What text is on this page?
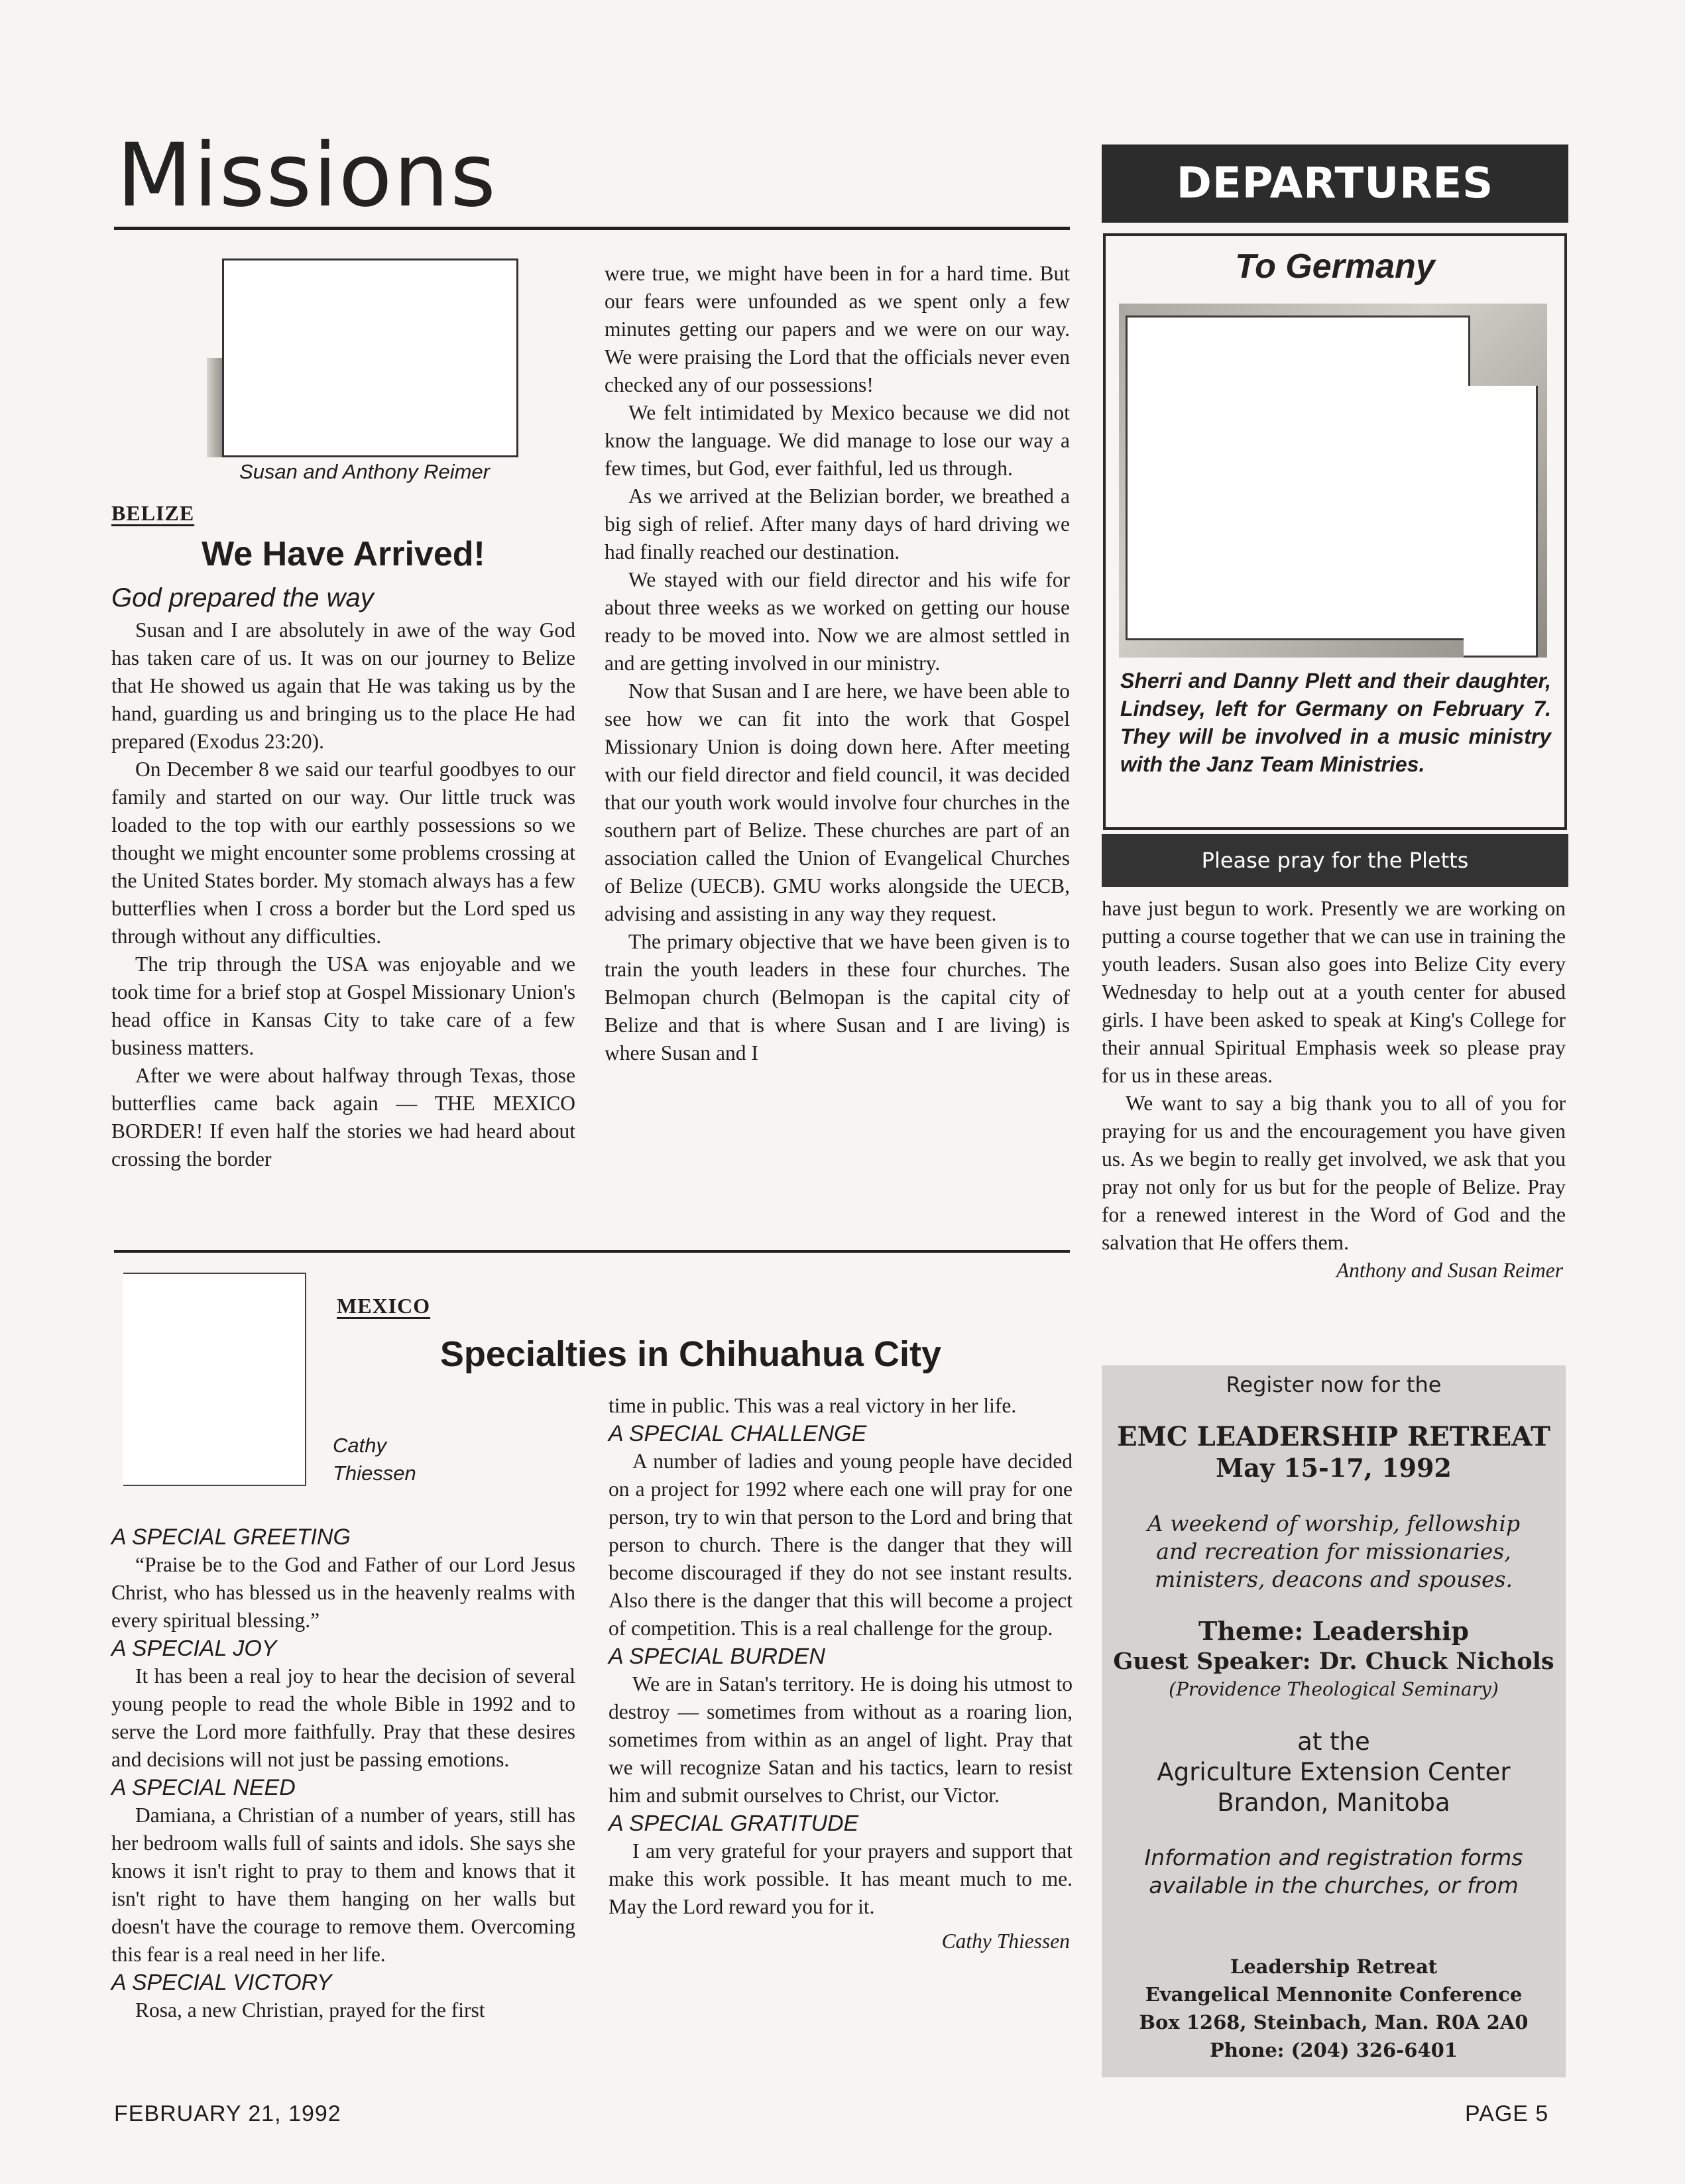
Missions
Susan and Anthony Reimer
BELIZE
We Have Arrived!
God prepared the way

Susan and I are absolutely in awe of the way God has taken care of us. It was on our journey to Belize that He showed us again that He was taking us by the hand, guarding us and bringing us to the place He had prepared (Exodus 23:20).

On December 8 we said our tearful goodbyes to our family and started on our way. Our little truck was loaded to the top with our earthly possessions so we thought we might encounter some problems crossing at the United States border. My stomach always has a few butterflies when I cross a border but the Lord sped us through without any difficulties.

The trip through the USA was enjoyable and we took time for a brief stop at Gospel Missionary Union's head office in Kansas City to take care of a few business matters.

After we were about halfway through Texas, those butterflies came back again — THE MEXICO BORDER! If even half the stories we had heard about crossing the border

were true, we might have been in for a hard time. But our fears were unfounded as we spent only a few minutes getting our papers and we were on our way. We were praising the Lord that the officials never even checked any of our possessions!

We felt intimidated by Mexico because we did not know the language. We did manage to lose our way a few times, but God, ever faithful, led us through.

As we arrived at the Belizian border, we breathed a big sigh of relief. After many days of hard driving we had finally reached our destination.

We stayed with our field director and his wife for about three weeks as we worked on getting our house ready to be moved into. Now we are almost settled in and are getting involved in our ministry.

Now that Susan and I are here, we have been able to see how we can fit into the work that Gospel Missionary Union is doing down here. After meeting with our field director and field council, it was decided that our youth work would involve four churches in the southern part of Belize. These churches are part of an association called the Union of Evangelical Churches of Belize (UECB). GMU works alongside the UECB, advising and assisting in any way they request.

The primary objective that we have been given is to train the youth leaders in these four churches. The Belmopan church (Belmopan is the capital city of Belize and that is where Susan and I are living) is where Susan and I

have just begun to work. Presently we are working on putting a course together that we can use in training the youth leaders. Susan also goes into Belize City every Wednesday to help out at a youth center for abused girls. I have been asked to speak at King's College for their annual Spiritual Emphasis week so please pray for us in these areas.

We want to say a big thank you to all of you for praying for us and the encouragement you have given us. As we begin to really get involved, we ask that you pray not only for us but for the people of Belize. Pray for a renewed interest in the Word of God and the salvation that He offers them.

Anthony and Susan Reimer
DEPARTURES
To Germany
Sherri and Danny Plett and their daughter, Lindsey, left for Germany on February 7. They will be involved in a music ministry with the Janz Team Ministries.
Please pray for the Pletts
Cathy
Thiessen
MEXICO
Specialties in Chihuahua City
A SPECIAL GREETING

“Praise be to the God and Father of our Lord Jesus Christ, who has blessed us in the heavenly realms with every spiritual blessing.”

A SPECIAL JOY

It has been a real joy to hear the decision of several young people to read the whole Bible in 1992 and to serve the Lord more faithfully. Pray that these desires and decisions will not just be passing emotions.

A SPECIAL NEED

Damiana, a Christian of a number of years, still has her bedroom walls full of saints and idols. She says she knows it isn't right to pray to them and knows that it isn't right to have them hanging on her walls but doesn't have the courage to remove them. Overcoming this fear is a real need in her life.

A SPECIAL VICTORY

Rosa, a new Christian, prayed for the first

time in public. This was a real victory in her life.

A SPECIAL CHALLENGE

A number of ladies and young people have decided on a project for 1992 where each one will pray for one person, try to win that person to the Lord and bring that person to church. There is the danger that they will become discouraged if they do not see instant results. Also there is the danger that this will become a project of competition. This is a real challenge for the group.

A SPECIAL BURDEN

We are in Satan's territory. He is doing his utmost to destroy — sometimes from without as a roaring lion, sometimes from within as an angel of light. Pray that we will recognize Satan and his tactics, learn to resist him and submit ourselves to Christ, our Victor.

A SPECIAL GRATITUDE

I am very grateful for your prayers and support that make this work possible. It has meant much to me. May the Lord reward you for it.

Cathy Thiessen
Register now for the
EMC LEADERSHIP RETREAT
May 15-17, 1992
A weekend of worship, fellowship and recreation for missionaries, ministers, deacons and spouses.
Theme: Leadership
Guest Speaker: Dr. Chuck Nichols
(Providence Theological Seminary)
at the
Agriculture Extension Center
Brandon, Manitoba
Information and registration forms available in the churches, or from
Leadership Retreat
Evangelical Mennonite Conference
Box 1268, Steinbach, Man. R0A 2A0
Phone: (204) 326-6401
FEBRUARY 21, 1992	PAGE 5
